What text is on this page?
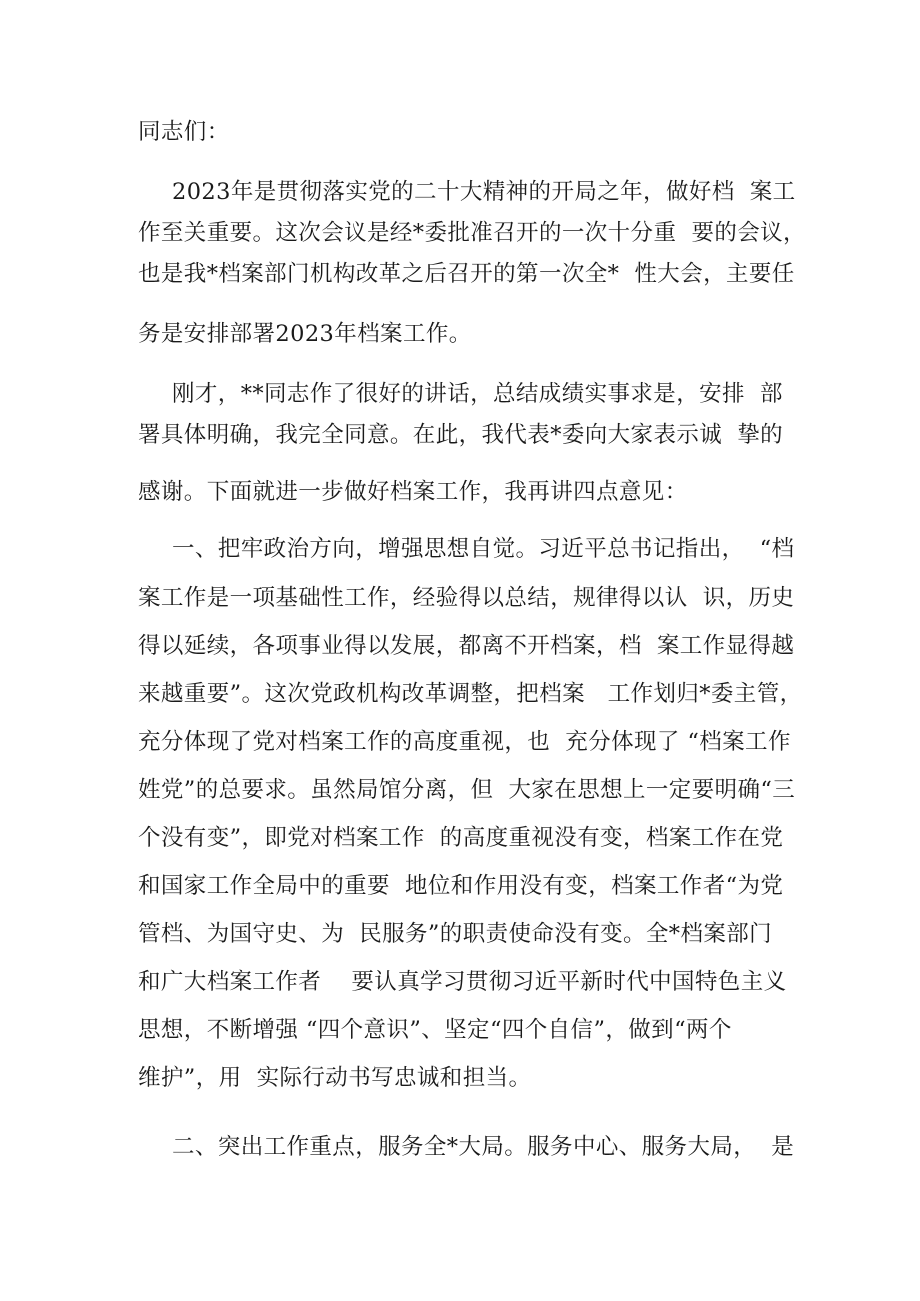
同志们：
2023年是贯彻落实党的二十大精神的开局之年，做好档  案工
作至关重要。这次会议是经*委批准召开的一次十分重  要的会议，
也是我*档案部门机构改革之后召开的第一次全*  性大会，主要任
务是安排部署2023年档案工作。
刚才，**同志作了很好的讲话，总结成绩实事求是，安排  部
署具体明确，我完全同意。在此，我代表*委向大家表示诚  挚的
感谢。下面就进一步做好档案工作，我再讲四点意见：
一、把牢政治方向，增强思想自觉。习近平总书记指出，  “档
案工作是一项基础性工作，经验得以总结，规律得以认  识，历史
得以延续，各项事业得以发展，都离不开档案，档  案工作显得越
来越重要”。这次党政机构改革调整，把档案   工作划归*委主管，
充分体现了党对档案工作的高度重视，也  充分体现了 “档案工作
姓党”的总要求。虽然局馆分离，但  大家在思想上一定要明确“三
个没有变”，即党对档案工作  的高度重视没有变，档案工作在党
和国家工作全局中的重要  地位和作用没有变，档案工作者“为党
管档、为国守史、为  民服务”的职责使命没有变。全*档案部门
和广大档案工作者    要认真学习贯彻习近平新时代中国特色主义
思想，不断增强 “四个意识”、坚定“四个自信”，做到“两个
维护”，用  实际行动书写忠诚和担当。
二、突出工作重点，服务全*大局。服务中心、服务大局，  是
